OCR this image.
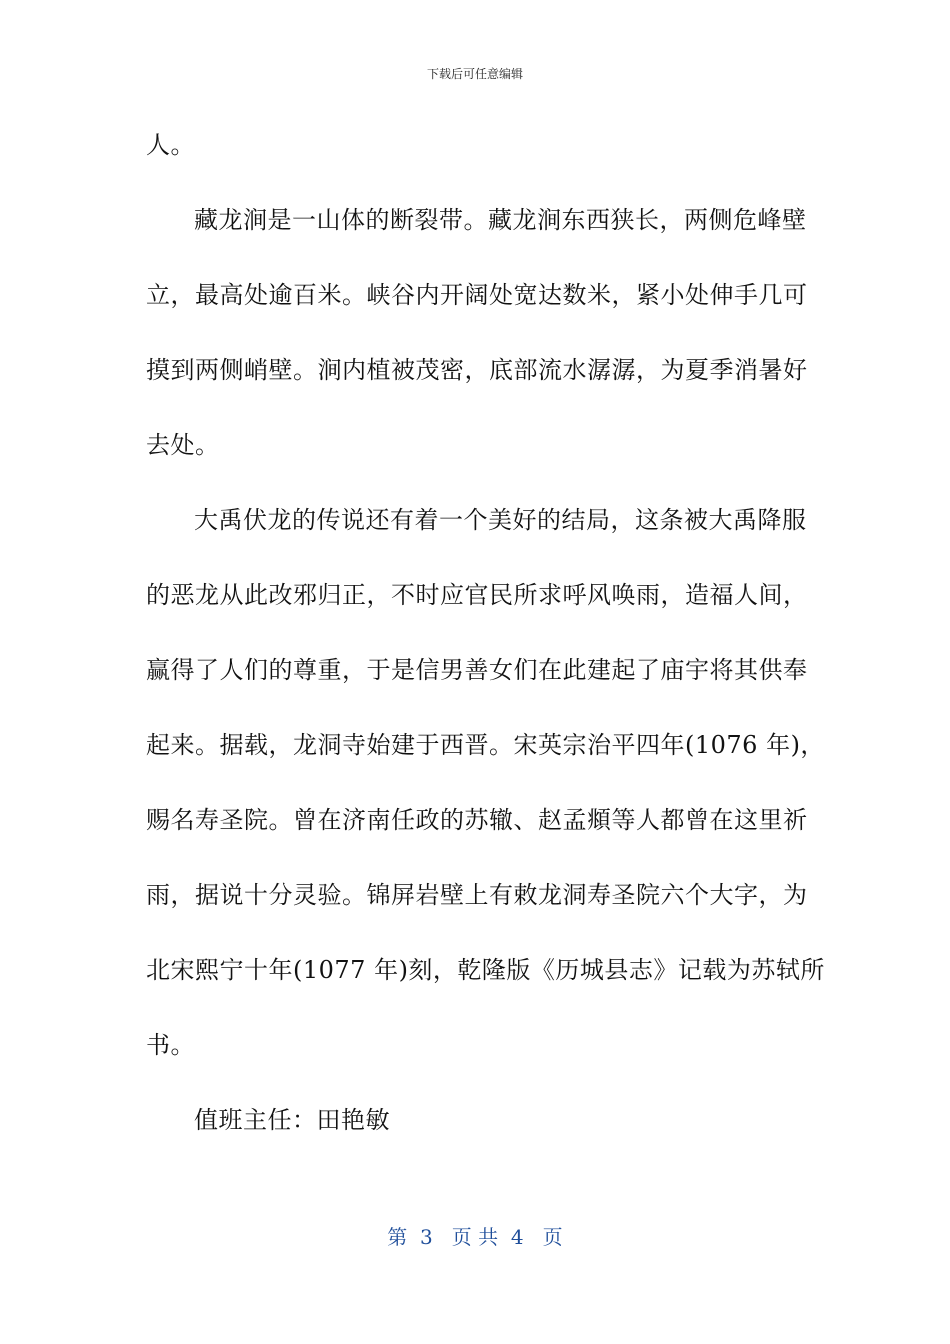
下载后可任意编辑
人。
藏龙涧是一山体的断裂带。藏龙涧东西狭长，两侧危峰壁
立，最高处逾百米。峡谷内开阔处宽达数米，紧小处伸手几可
摸到两侧峭壁。涧内植被茂密，底部流水潺潺，为夏季消暑好
去处。
大禹伏龙的传说还有着一个美好的结局，这条被大禹降服
的恶龙从此改邪归正，不时应官民所求呼风唤雨，造福人间，
赢得了人们的尊重，于是信男善女们在此建起了庙宇将其供奉
起来。据载，龙洞寺始建于西晋。宋英宗治平四年(1076 年)，
赐名寿圣院。曾在济南任政的苏辙、赵孟頫等人都曾在这里祈
雨，据说十分灵验。锦屏岩壁上有敕龙洞寿圣院六个大字，为
北宋熙宁十年(1077 年)刻，乾隆版《历城县志》记载为苏轼所
书。
值班主任：田艳敏
第  3   页 共  4   页
